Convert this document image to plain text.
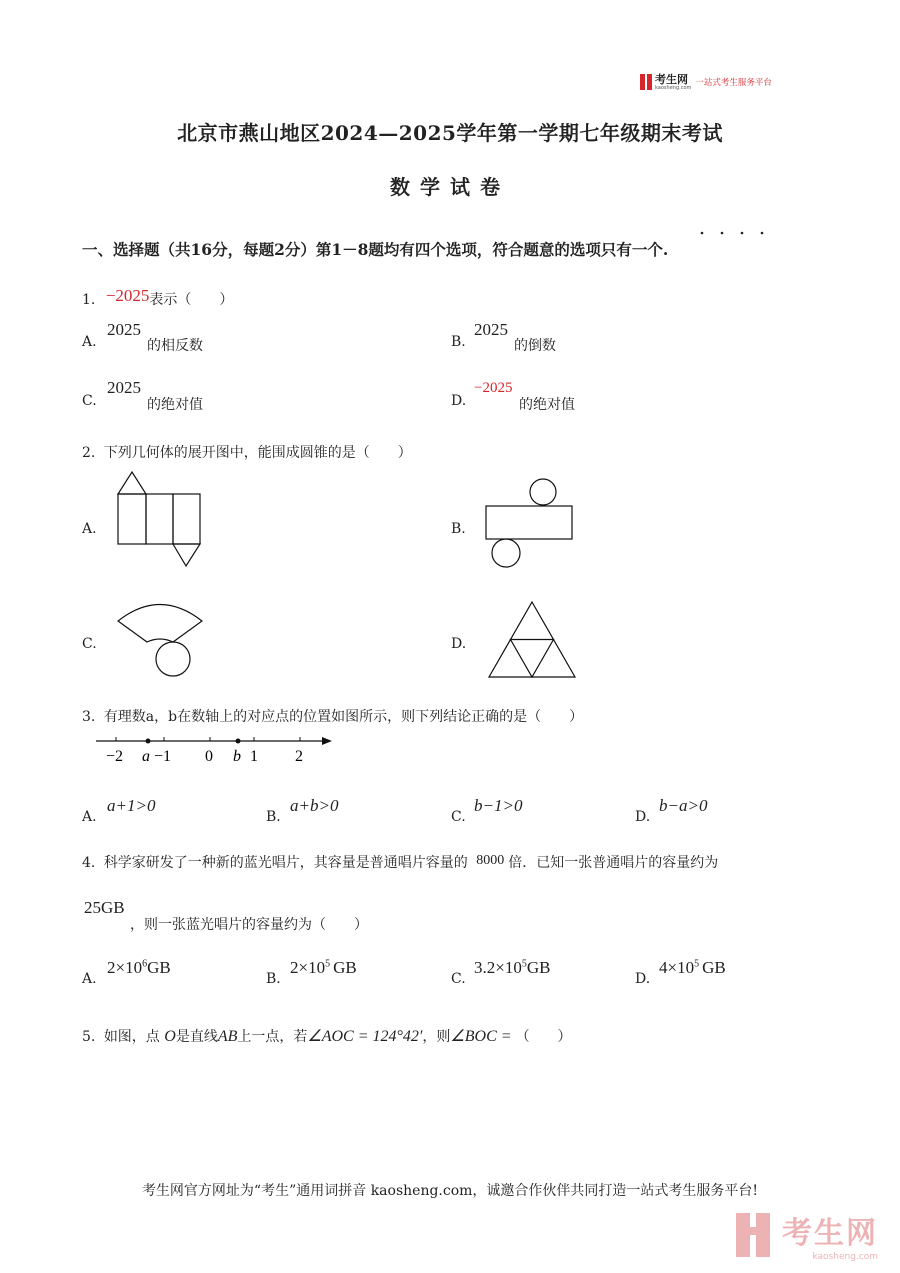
考生网
kaosheng.com 一站式考生服务平台
北京市燕山地区2024—2025学年第一学期七年级期末考试
数学试卷
一、选择题（共16分，每题2分）第1－8题均有四个选项，符合题意的选项只有一个.
1. −2025表示（　　）
A.
2025
的相反数	B.
2025
的倒数
C.
2025
的绝对值	D.
−2025
的绝对值
2. 下列几何体的展开图中，能围成圆锥的是（　　）
A.	B.
C.	D.
3. 有理数a，b在数轴上的对应点的位置如图所示，则下列结论正确的是（　　）
−2 a −1 0 b 1 2
A.
a+1>0
B.
a+b>0
C.
b−1>0
D.
b−a>0
4. 科学家研发了一种新的蓝光唱片，其容量是普通唱片容量的 8000 倍．已知一张普通唱片的容量约为
25GB
，则一张蓝光唱片的容量约为（　　）
A.
$2\times 10^6GB$
B.
$2\times 10^5$ GB
C.
$3.2\times 10^5GB$
D.
$4\times 10^5$ GB
5. 如图，点 O是直线AB上一点，若∠AOC = 124°42′，则∠BOC = （　　）
考生网官方网址为“考生”通用词拼音 kaosheng.com，诚邀合作伙伴共同打造一站式考生服务平台!
考生网
kaosheng.com
